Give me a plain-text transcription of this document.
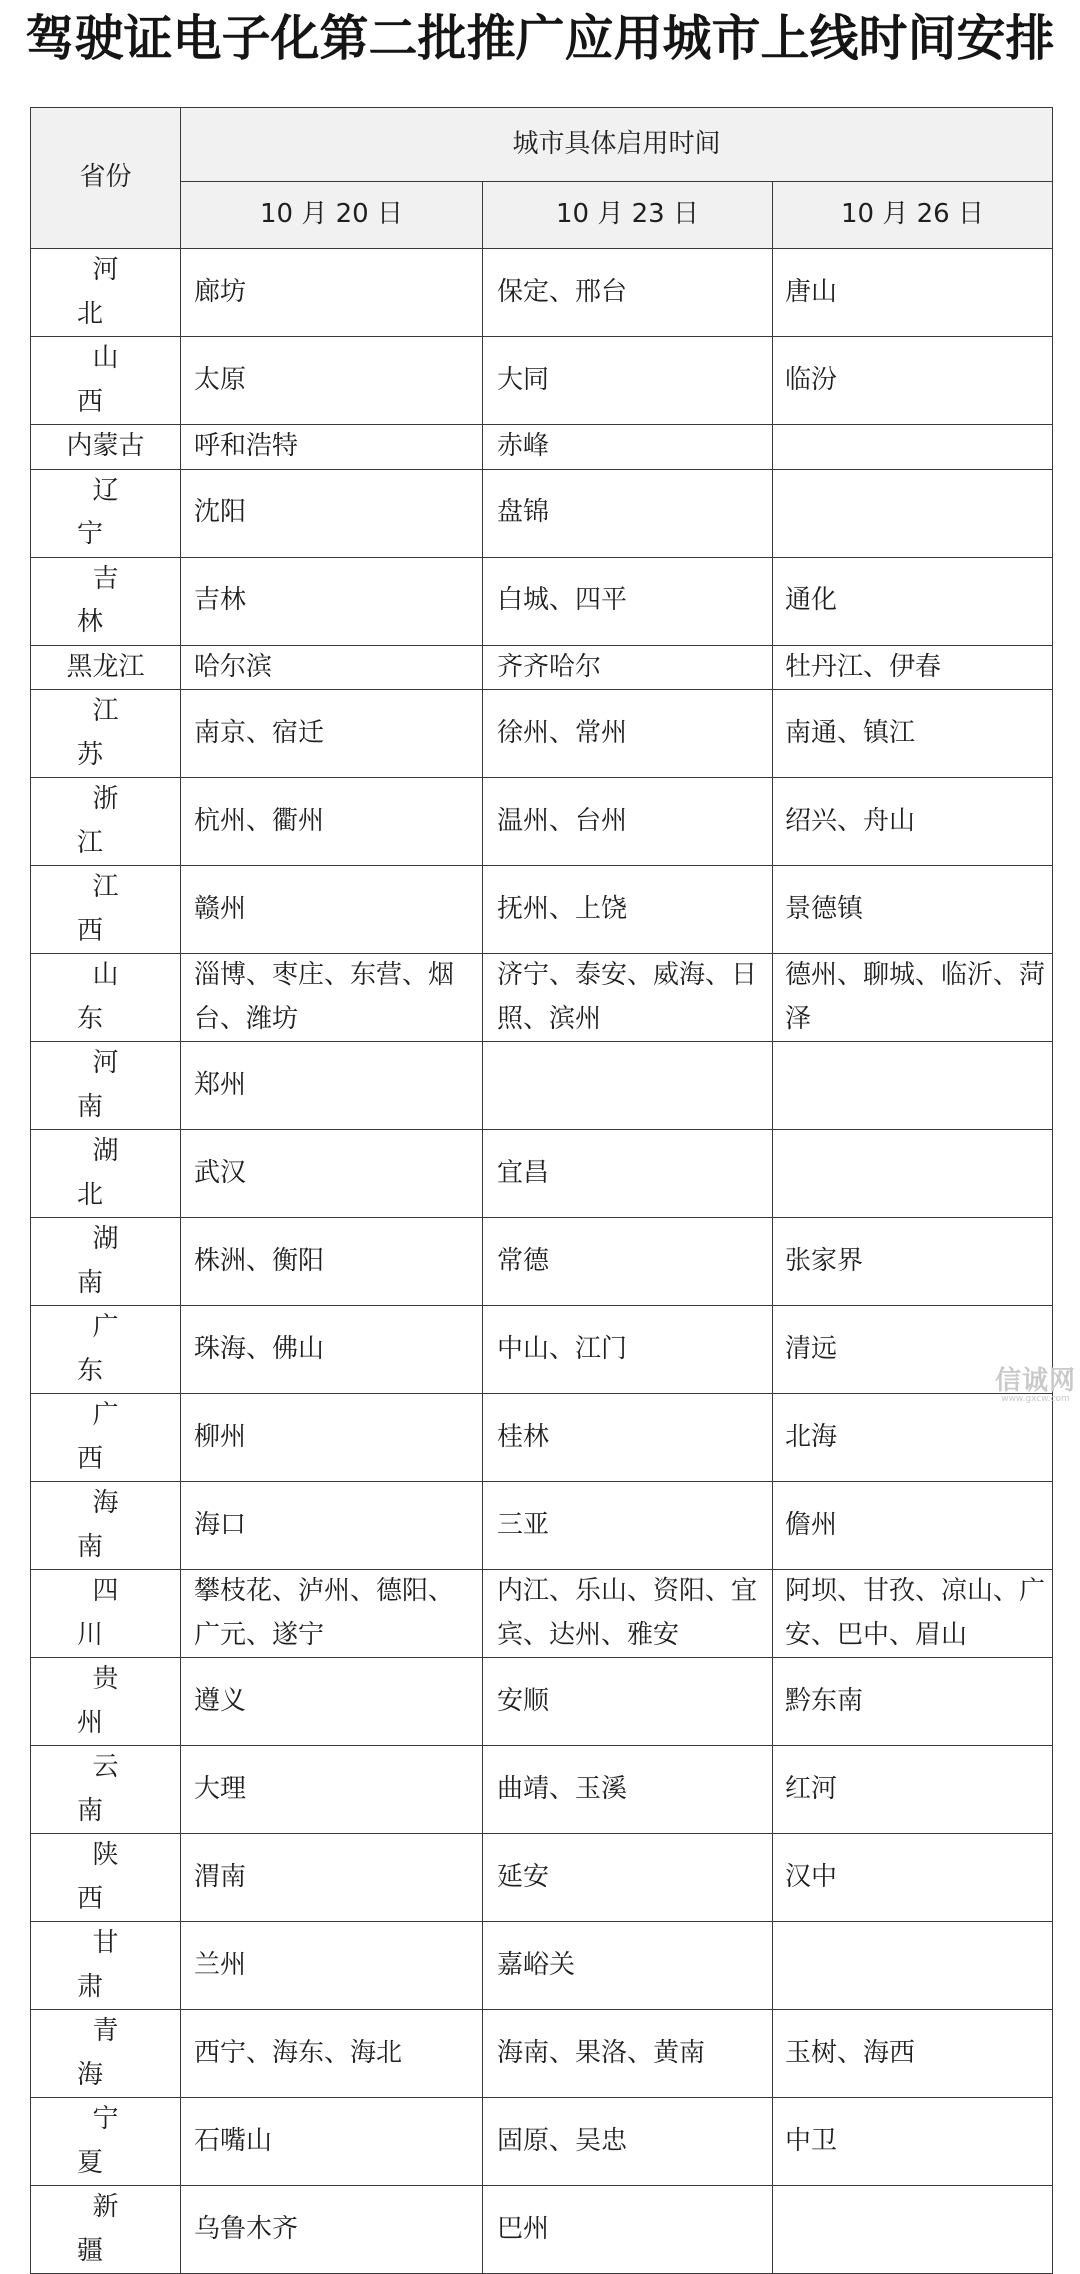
驾驶证电子化第二批推广应用城市上线时间安排
省份	城市具体启用时间		
	10 月 20 日	10 月 23 日	10 月 26 日
河北	廊坊	保定、邢台	唐山
山西	太原	大同	临汾
内蒙古	呼和浩特	赤峰	
辽宁	沈阳	盘锦	
吉林	吉林	白城、四平	通化
黑龙江	哈尔滨	齐齐哈尔	牡丹江、伊春
江苏	南京、宿迁	徐州、常州	南通、镇江
浙江	杭州、衢州	温州、台州	绍兴、舟山
江西	赣州	抚州、上饶	景德镇
山东	淄博、枣庄、东营、烟台、潍坊	济宁、泰安、威海、日照、滨州	德州、聊城、临沂、菏泽
河南	郑州		
湖北	武汉	宜昌	
湖南	株洲、衡阳	常德	张家界
广东	珠海、佛山	中山、江门	清远
广西	柳州	桂林	北海
海南	海口	三亚	儋州
四川	攀枝花、泸州、德阳、广元、遂宁	内江、乐山、资阳、宜宾、达州、雅安	阿坝、甘孜、凉山、广安、巴中、眉山
贵州	遵义	安顺	黔东南
云南	大理	曲靖、玉溪	红河
陕西	渭南	延安	汉中
甘肃	兰州	嘉峪关	
青海	西宁、海东、海北	海南、果洛、黄南	玉树、海西
宁夏	石嘴山	固原、吴忠	中卫
新疆	乌鲁木齐	巴州	
信诚网
www.gxcw.com
